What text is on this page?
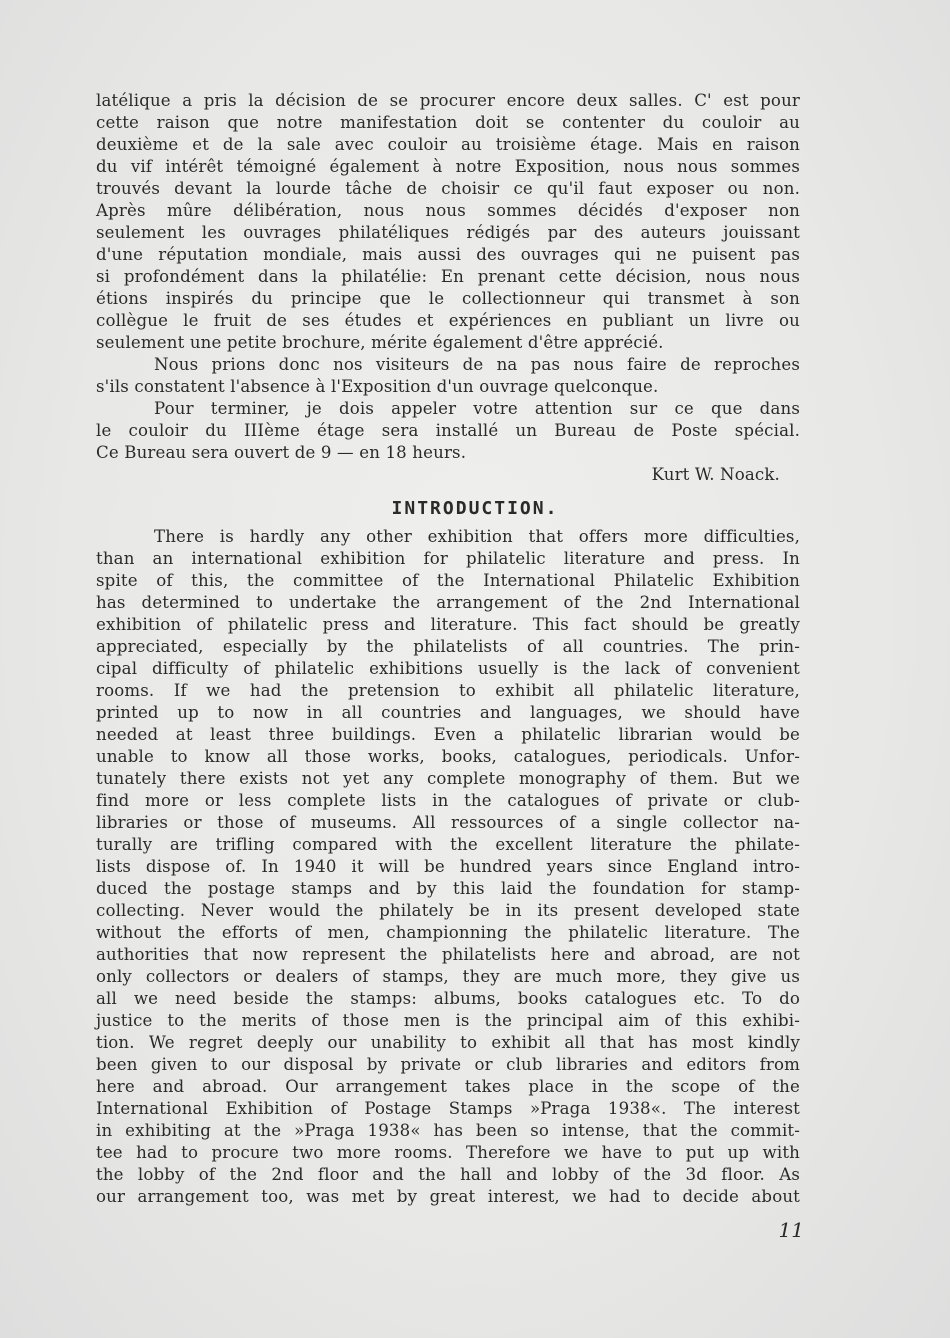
latélique a pris la décision de se procurer encore deux salles. C' est pour
cette raison que notre manifestation doit se contenter du couloir au
deuxième et de la sale avec couloir au troisième étage. Mais en raison
du vif intérêt témoigné également à notre Exposition, nous nous sommes
trouvés devant la lourde tâche de choisir ce qu'il faut exposer ou non.
Après mûre délibération, nous nous sommes décidés d'exposer non
seulement les ouvrages philatéliques rédigés par des auteurs jouissant
d'une réputation mondiale, mais aussi des ouvrages qui ne puisent pas
si profondément dans la philatélie: En prenant cette décision, nous nous
étions inspirés du principe que le collectionneur qui transmet à son
collègue le fruit de ses études et expériences en publiant un livre ou
seulement une petite brochure, mérite également d'être apprécié.
Nous prions donc nos visiteurs de na pas nous faire de reproches
s'ils constatent l'absence à l'Exposition d'un ouvrage quelconque.
Pour terminer, je dois appeler votre attention sur ce que dans
le couloir du IIIème étage sera installé un Bureau de Poste spécial.
Ce Bureau sera ouvert de 9 — en 18 heurs.
Kurt W. Noack.
INTRODUCTION.
There is hardly any other exhibition that offers more difficulties,
than an international exhibition for philatelic literature and press. In
spite of this, the committee of the International Philatelic Exhibition
has determined to undertake the arrangement of the 2nd International
exhibition of philatelic press and literature. This fact should be greatly
appreciated, especially by the philatelists of all countries. The prin-
cipal difficulty of philatelic exhibitions usuelly is the lack of convenient
rooms. If we had the pretension to exhibit all philatelic literature,
printed up to now in all countries and languages, we should have
needed at least three buildings. Even a philatelic librarian would be
unable to know all those works, books, catalogues, periodicals. Unfor-
tunately there exists not yet any complete monography of them. But we
find more or less complete lists in the catalogues of private or club-
libraries or those of museums. All ressources of a single collector na-
turally are trifling compared with the excellent literature the philate-
lists dispose of. In 1940 it will be hundred years since England intro-
duced the postage stamps and by this laid the foundation for stamp-
collecting. Never would the philately be in its present developed state
without the efforts of men, championning the philatelic literature. The
authorities that now represent the philatelists here and abroad, are not
only collectors or dealers of stamps, they are much more, they give us
all we need beside the stamps: albums, books catalogues etc. To do
justice to the merits of those men is the principal aim of this exhibi-
tion. We regret deeply our unability to exhibit all that has most kindly
been given to our disposal by private or club libraries and editors from
here and abroad. Our arrangement takes place in the scope of the
International Exhibition of Postage Stamps »Praga 1938«. The interest
in exhibiting at the »Praga 1938« has been so intense, that the commit-
tee had to procure two more rooms. Therefore we have to put up with
the lobby of the 2nd floor and the hall and lobby of the 3d floor. As
our arrangement too, was met by great interest, we had to decide about
11
